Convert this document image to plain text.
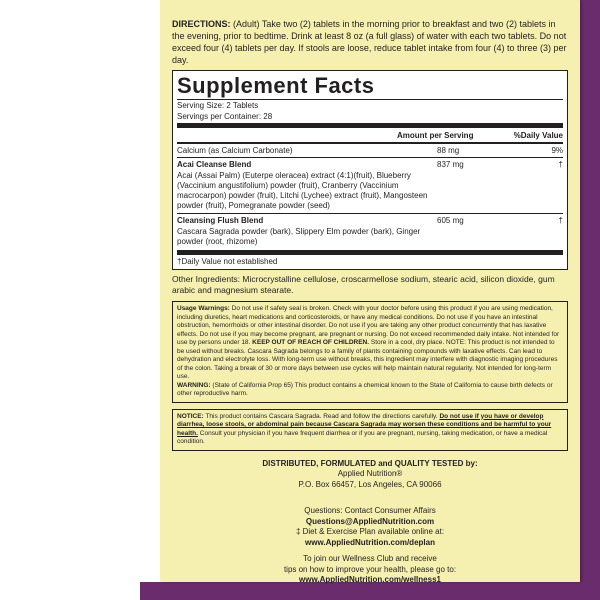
DIRECTIONS: (Adult) Take two (2) tablets in the morning prior to breakfast and two (2) tablets in the evening, prior to bedtime. Drink at least 8 oz (a full glass) of water with each two tablets. Do not exceed four (4) tablets per day. If stools are loose, reduce tablet intake from four (4) to three (3) per day.

Supplement Facts
Serving Size: 2 Tablets
Servings per Container: 28
Amount per Serving	%Daily Value
Calcium (as Calcium Carbonate)	88 mg	9%
Acai Cleanse Blend	837 mg	†
Acai (Assai Palm) (Euterpe oleracea) extract (4:1)(fruit), Blueberry (Vaccinium angustifolium) powder (fruit), Cranberry (Vaccinium macrocarpon) powder (fruit), Litchi (Lychee) extract (fruit), Mangosteen powder (fruit), Pomegranate powder (seed)
Cleansing Flush Blend	605 mg	†
Cascara Sagrada powder (bark), Slippery Elm powder (bark), Ginger powder (root, rhizome)
†Daily Value not established
Other Ingredients: Microcrystalline cellulose, croscarmellose sodium, stearic acid, silicon dioxide, gum arabic and magnesium stearate.
Usage Warnings: Do not use if safety seal is broken. Check with your doctor before using this product if you are using medication, including diuretics, heart medications and corticosteroids, or have any medical conditions. Do not use if you have an intestinal obstruction, hemorrhoids or other intestinal disorder. Do not use if you are taking any other product concurrently that has laxative effects. Do not use if you may become pregnant, are pregnant or nursing. Do not exceed recommended daily intake. Not intended for use by persons under 18. KEEP OUT OF REACH OF CHILDREN. Store in a cool, dry place. NOTE: This product is not intended to be used without breaks. Cascara Sagrada belongs to a family of plants containing compounds with laxative effects. Can lead to dehydration and electrolyte loss. With long-term use without breaks, this ingredient may interfere with diagnostic imaging procedures of the colon. Taking a break of 30 or more days between use cycles will help maintain natural regularity. Not intended for long-term use.
WARNING: (State of California Prop 65) This product contains a chemical known to the State of California to cause birth defects or other reproductive harm.
NOTICE: This product contains Cascara Sagrada. Read and follow the directions carefully. Do not use if you have or develop diarrhea, loose stools, or abdominal pain because Cascara Sagrada may worsen these conditions and be harmful to your health. Consult your physician if you have frequent diarrhea or if you are pregnant, nursing, taking medication, or have a medical condition.
DISTRIBUTED, FORMULATED and QUALITY TESTED by:
Applied Nutrition®
P.O. Box 66457, Los Angeles, CA 90066
Questions: Contact Consumer Affairs
Questions@AppliedNutrition.com
‡ Diet & Exercise Plan available online at:
www.AppliedNutrition.com/deplan
To join our Wellness Club and receive
tips on how to improve your health, please go to:
www.AppliedNutrition.com/wellness1
